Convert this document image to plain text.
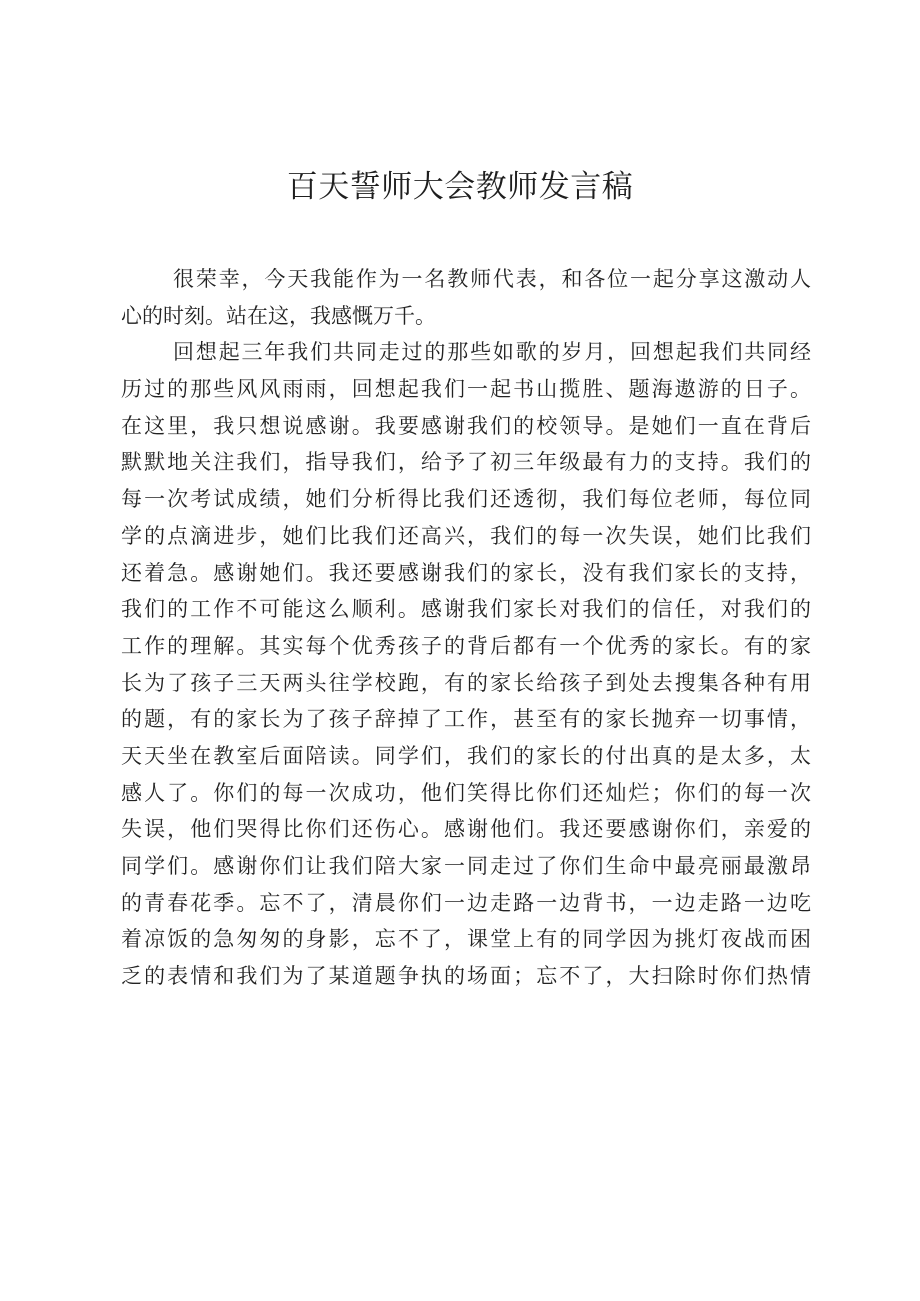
百天誓师大会教师发言稿
很荣幸，今天我能作为一名教师代表，和各位一起分享这激动人
心的时刻。站在这，我感慨万千。
回想起三年我们共同走过的那些如歌的岁月，回想起我们共同经
历过的那些风风雨雨，回想起我们一起书山揽胜、题海遨游的日子。
在这里，我只想说感谢。我要感谢我们的校领导。是她们一直在背后
默默地关注我们，指导我们，给予了初三年级最有力的支持。我们的
每一次考试成绩，她们分析得比我们还透彻，我们每位老师，每位同
学的点滴进步，她们比我们还高兴，我们的每一次失误，她们比我们
还着急。感谢她们。我还要感谢我们的家长，没有我们家长的支持，
我们的工作不可能这么顺利。感谢我们家长对我们的信任，对我们的
工作的理解。其实每个优秀孩子的背后都有一个优秀的家长。有的家
长为了孩子三天两头往学校跑，有的家长给孩子到处去搜集各种有用
的题，有的家长为了孩子辞掉了工作，甚至有的家长抛弃一切事情，
天天坐在教室后面陪读。同学们，我们的家长的付出真的是太多，太
感人了。你们的每一次成功，他们笑得比你们还灿烂；你们的每一次
失误，他们哭得比你们还伤心。感谢他们。我还要感谢你们，亲爱的
同学们。感谢你们让我们陪大家一同走过了你们生命中最亮丽最激昂
的青春花季。忘不了，清晨你们一边走路一边背书，一边走路一边吃
着凉饭的急匆匆的身影，忘不了，课堂上有的同学因为挑灯夜战而困
乏的表情和我们为了某道题争执的场面；忘不了，大扫除时你们热情
